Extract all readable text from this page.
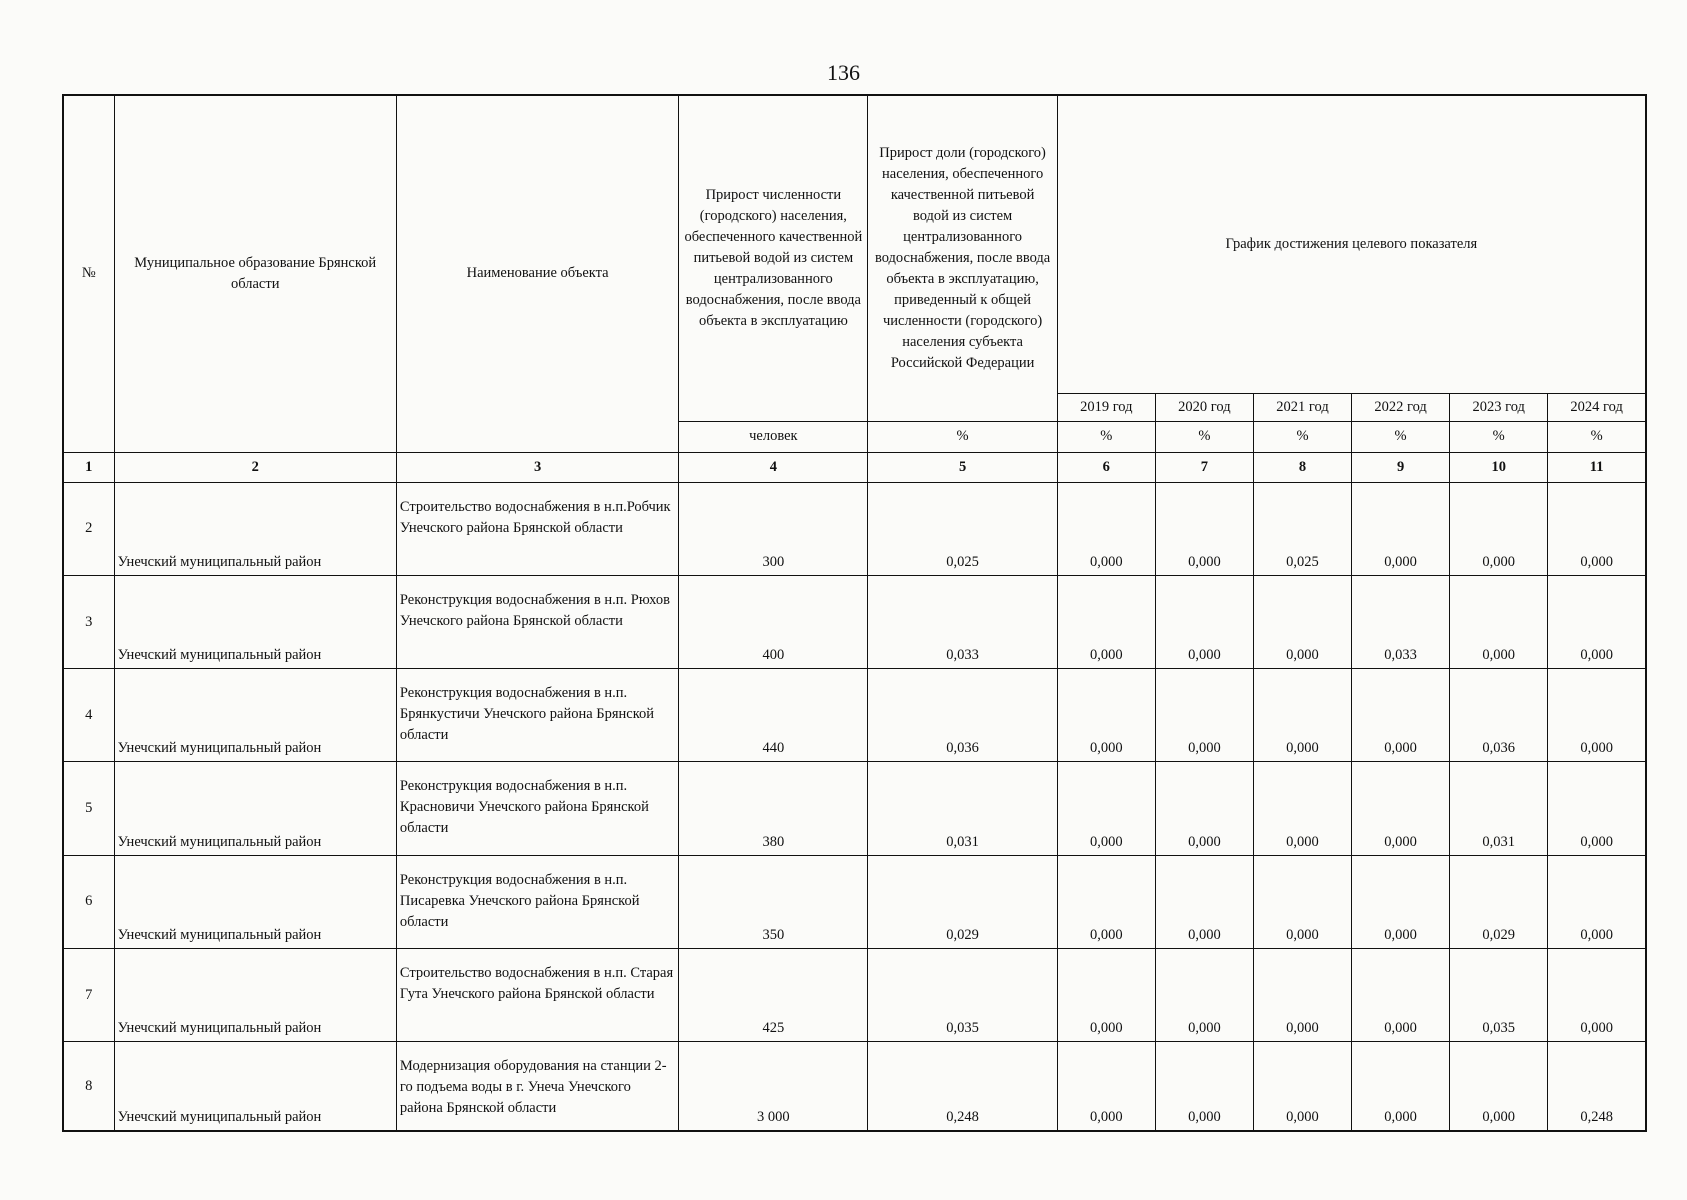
136
№	Муниципальное образование Брянской области	Наименование объекта	Прирост численности (городского) населения, обеспеченного качественной питьевой водой из систем централизованного водоснабжения, после ввода объекта в эксплуатацию	Прирост доли (городского) населения, обеспеченного качественной питьевой водой из систем централизованного водоснабжения, после ввода объекта в эксплуатацию, приведенный к общей численности (городского) населения субъекта Российской Федерации	График достижения целевого показателя					
					2019 год	2020 год	2021 год	2022 год	2023 год	2024 год
			человек	%	%	%	%	%	%	%
1	2	3	4	5	6	7	8	9	10	11
2	Унечский муниципальный район	Строительство водоснабжения в н.п.Робчик Унечского района Брянской области	300	0,025	0,000	0,000	0,025	0,000	0,000	0,000
3	Унечский муниципальный район	Реконструкция водоснабжения в н.п. Рюхов Унечского района Брянской области	400	0,033	0,000	0,000	0,000	0,033	0,000	0,000
4	Унечский муниципальный район	Реконструкция водоснабжения в н.п. Брянкустичи Унечского района Брянской области	440	0,036	0,000	0,000	0,000	0,000	0,036	0,000
5	Унечский муниципальный район	Реконструкция водоснабжения в н.п. Красновичи Унечского района Брянской области	380	0,031	0,000	0,000	0,000	0,000	0,031	0,000
6	Унечский муниципальный район	Реконструкция водоснабжения в н.п. Писаревка Унечского района Брянской области	350	0,029	0,000	0,000	0,000	0,000	0,029	0,000
7	Унечский муниципальный район	Строительство водоснабжения в н.п. Старая Гута Унечского района Брянской области	425	0,035	0,000	0,000	0,000	0,000	0,035	0,000
8	Унечский муниципальный район	Модернизация оборудования на станции 2-го подъема воды в г. Унеча Унечского района Брянской области	3 000	0,248	0,000	0,000	0,000	0,000	0,000	0,248
